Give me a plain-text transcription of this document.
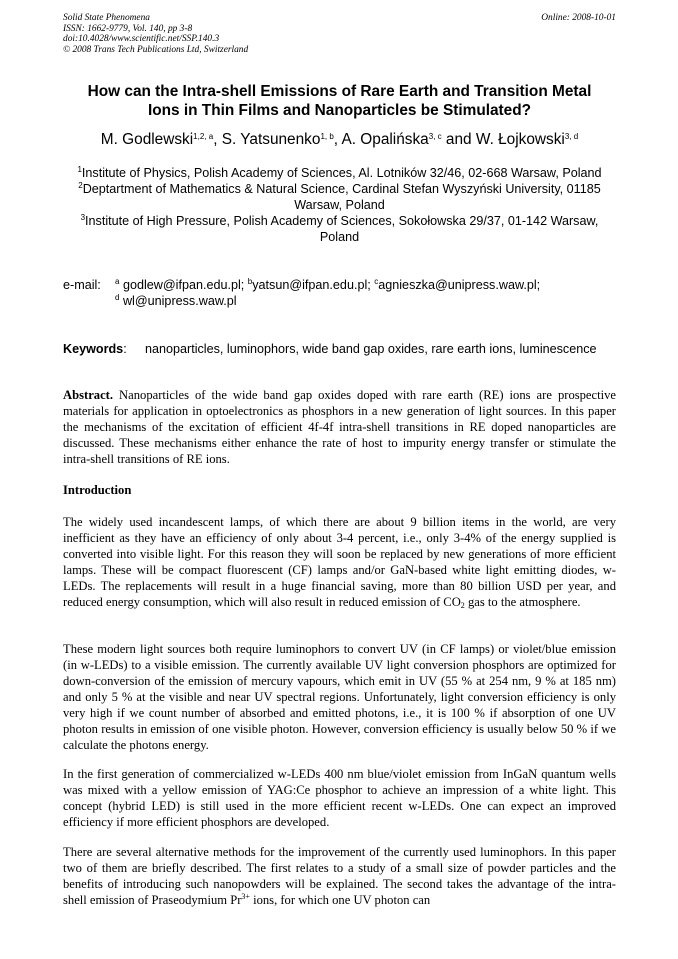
Solid State Phenomena
ISSN: 1662-9779, Vol. 140, pp 3-8
doi:10.4028/www.scientific.net/SSP.140.3
© 2008 Trans Tech Publications Ltd, Switzerland
Online: 2008-10-01
How can the Intra-shell Emissions of Rare Earth and Transition Metal
Ions in Thin Films and Nanoparticles be Stimulated?
M. Godlewski$^{1,2, a}$, S. Yatsunenko$^{1, b}$, A. Opalińska$^{3, c}$ and W. Łojkowski$^{3, d}$
$^1$Institute of Physics, Polish Academy of Sciences, Al. Lotników 32/46, 02-668 Warsaw, Poland
$^2$Deptartment of Mathematics & Natural Science, Cardinal Stefan Wyszyński University, 01185 Warsaw, Poland
$^3$Institute of High Pressure, Polish Academy of Sciences, Sokołowska 29/37, 01-142 Warsaw, Poland
e-mail: $^a$ godlew@ifpan.edu.pl; $^b$yatsun@ifpan.edu.pl; $^c$agnieszka@unipress.waw.pl;
$^d$ wl@unipress.waw.pl
Keywords: nanoparticles, luminophors, wide band gap oxides, rare earth ions, luminescence
Abstract. Nanoparticles of the wide band gap oxides doped with rare earth (RE) ions are prospective materials for application in optoelectronics as phosphors in a new generation of light sources. In this paper the mechanisms of the excitation of efficient 4f-4f intra-shell transitions in RE doped nanoparticles are discussed. These mechanisms either enhance the rate of host to impurity energy transfer or stimulate the intra-shell transitions of RE ions.
Introduction
The widely used incandescent lamps, of which there are about 9 billion items in the world, are very inefficient as they have an efficiency of only about 3-4 percent, i.e., only 3-4% of the energy supplied is converted into visible light. For this reason they will soon be replaced by new generations of more efficient lamps. These will be compact fluorescent (CF) lamps and/or GaN-based white light emitting diodes, w-LEDs. The replacements will result in a huge financial saving, more than 80 billion USD per year, and reduced energy consumption, which will also result in reduced emission of $CO_2$ gas to the atmosphere.
These modern light sources both require luminophors to convert UV (in CF lamps) or violet/blue emission (in w-LEDs) to a visible emission. The currently available UV light conversion phosphors are optimized for down-conversion of the emission of mercury vapours, which emit in UV (55 % at 254 nm, 9 % at 185 nm) and only 5 % at the visible and near UV spectral regions. Unfortunately, light conversion efficiency is only very high if we count number of absorbed and emitted photons, i.e., it is 100 % if absorption of one UV photon results in emission of one visible photon. However, conversion efficiency is usually below 50 % if we calculate the photons energy.
In the first generation of commercialized w-LEDs 400 nm blue/violet emission from InGaN quantum wells was mixed with a yellow emission of YAG:Ce phosphor to achieve an impression of a white light. This concept (hybrid LED) is still used in the more efficient recent w-LEDs. One can expect an improved efficiency if more efficient phosphors are developed.
There are several alternative methods for the improvement of the currently used luminophors. In this paper two of them are briefly described. The first relates to a study of a small size of powder particles and the benefits of introducing such nanopowders will be explained. The second takes the advantage of the intra-shell emission of Praseodymium $Pr^{3+}$ ions, for which one UV photon can
